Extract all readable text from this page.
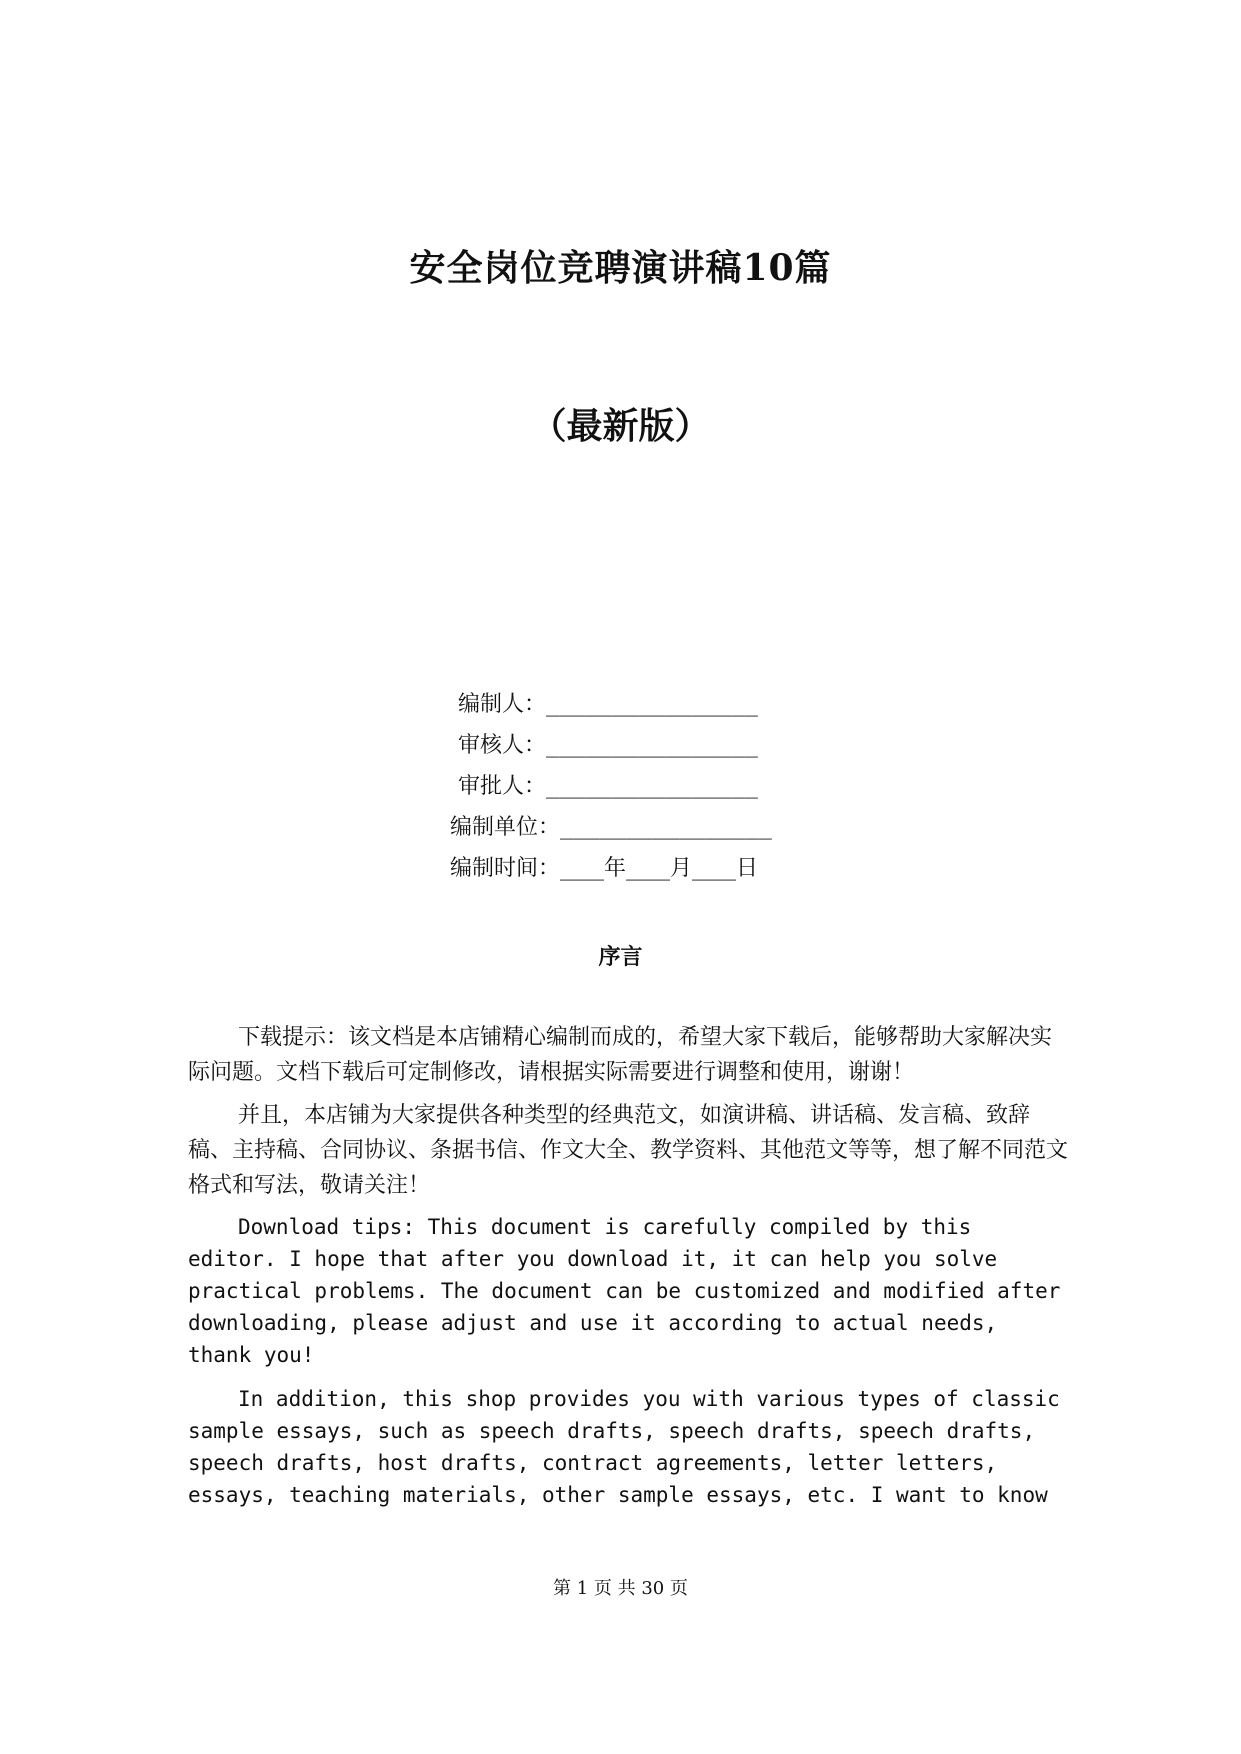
安全岗位竞聘演讲稿10篇
（最新版）
编制人：________________
审核人：________________
审批人：________________
编制单位：________________
编制时间：____年____月____日
序言

下载提示：该文档是本店铺精心编制而成的，希望大家下载后，能够帮助大家解决实际问题。文档下载后可定制修改，请根据实际需要进行调整和使用，谢谢！

并且，本店铺为大家提供各种类型的经典范文，如演讲稿、讲话稿、发言稿、致辞稿、主持稿、合同协议、条据书信、作文大全、教学资料、其他范文等等，想了解不同范文格式和写法，敬请关注！

Download tips: This document is carefully compiled by this editor. I hope that after you download it, it can help you solve practical problems. The document can be customized and modified after downloading, please adjust and use it according to actual needs, thank you!

In addition, this shop provides you with various types of classic sample essays, such as speech drafts, speech drafts, speech drafts, speech drafts, host drafts, contract agreements, letter letters, essays, teaching materials, other sample essays, etc. I want to know

第 1 页 共 30 页
